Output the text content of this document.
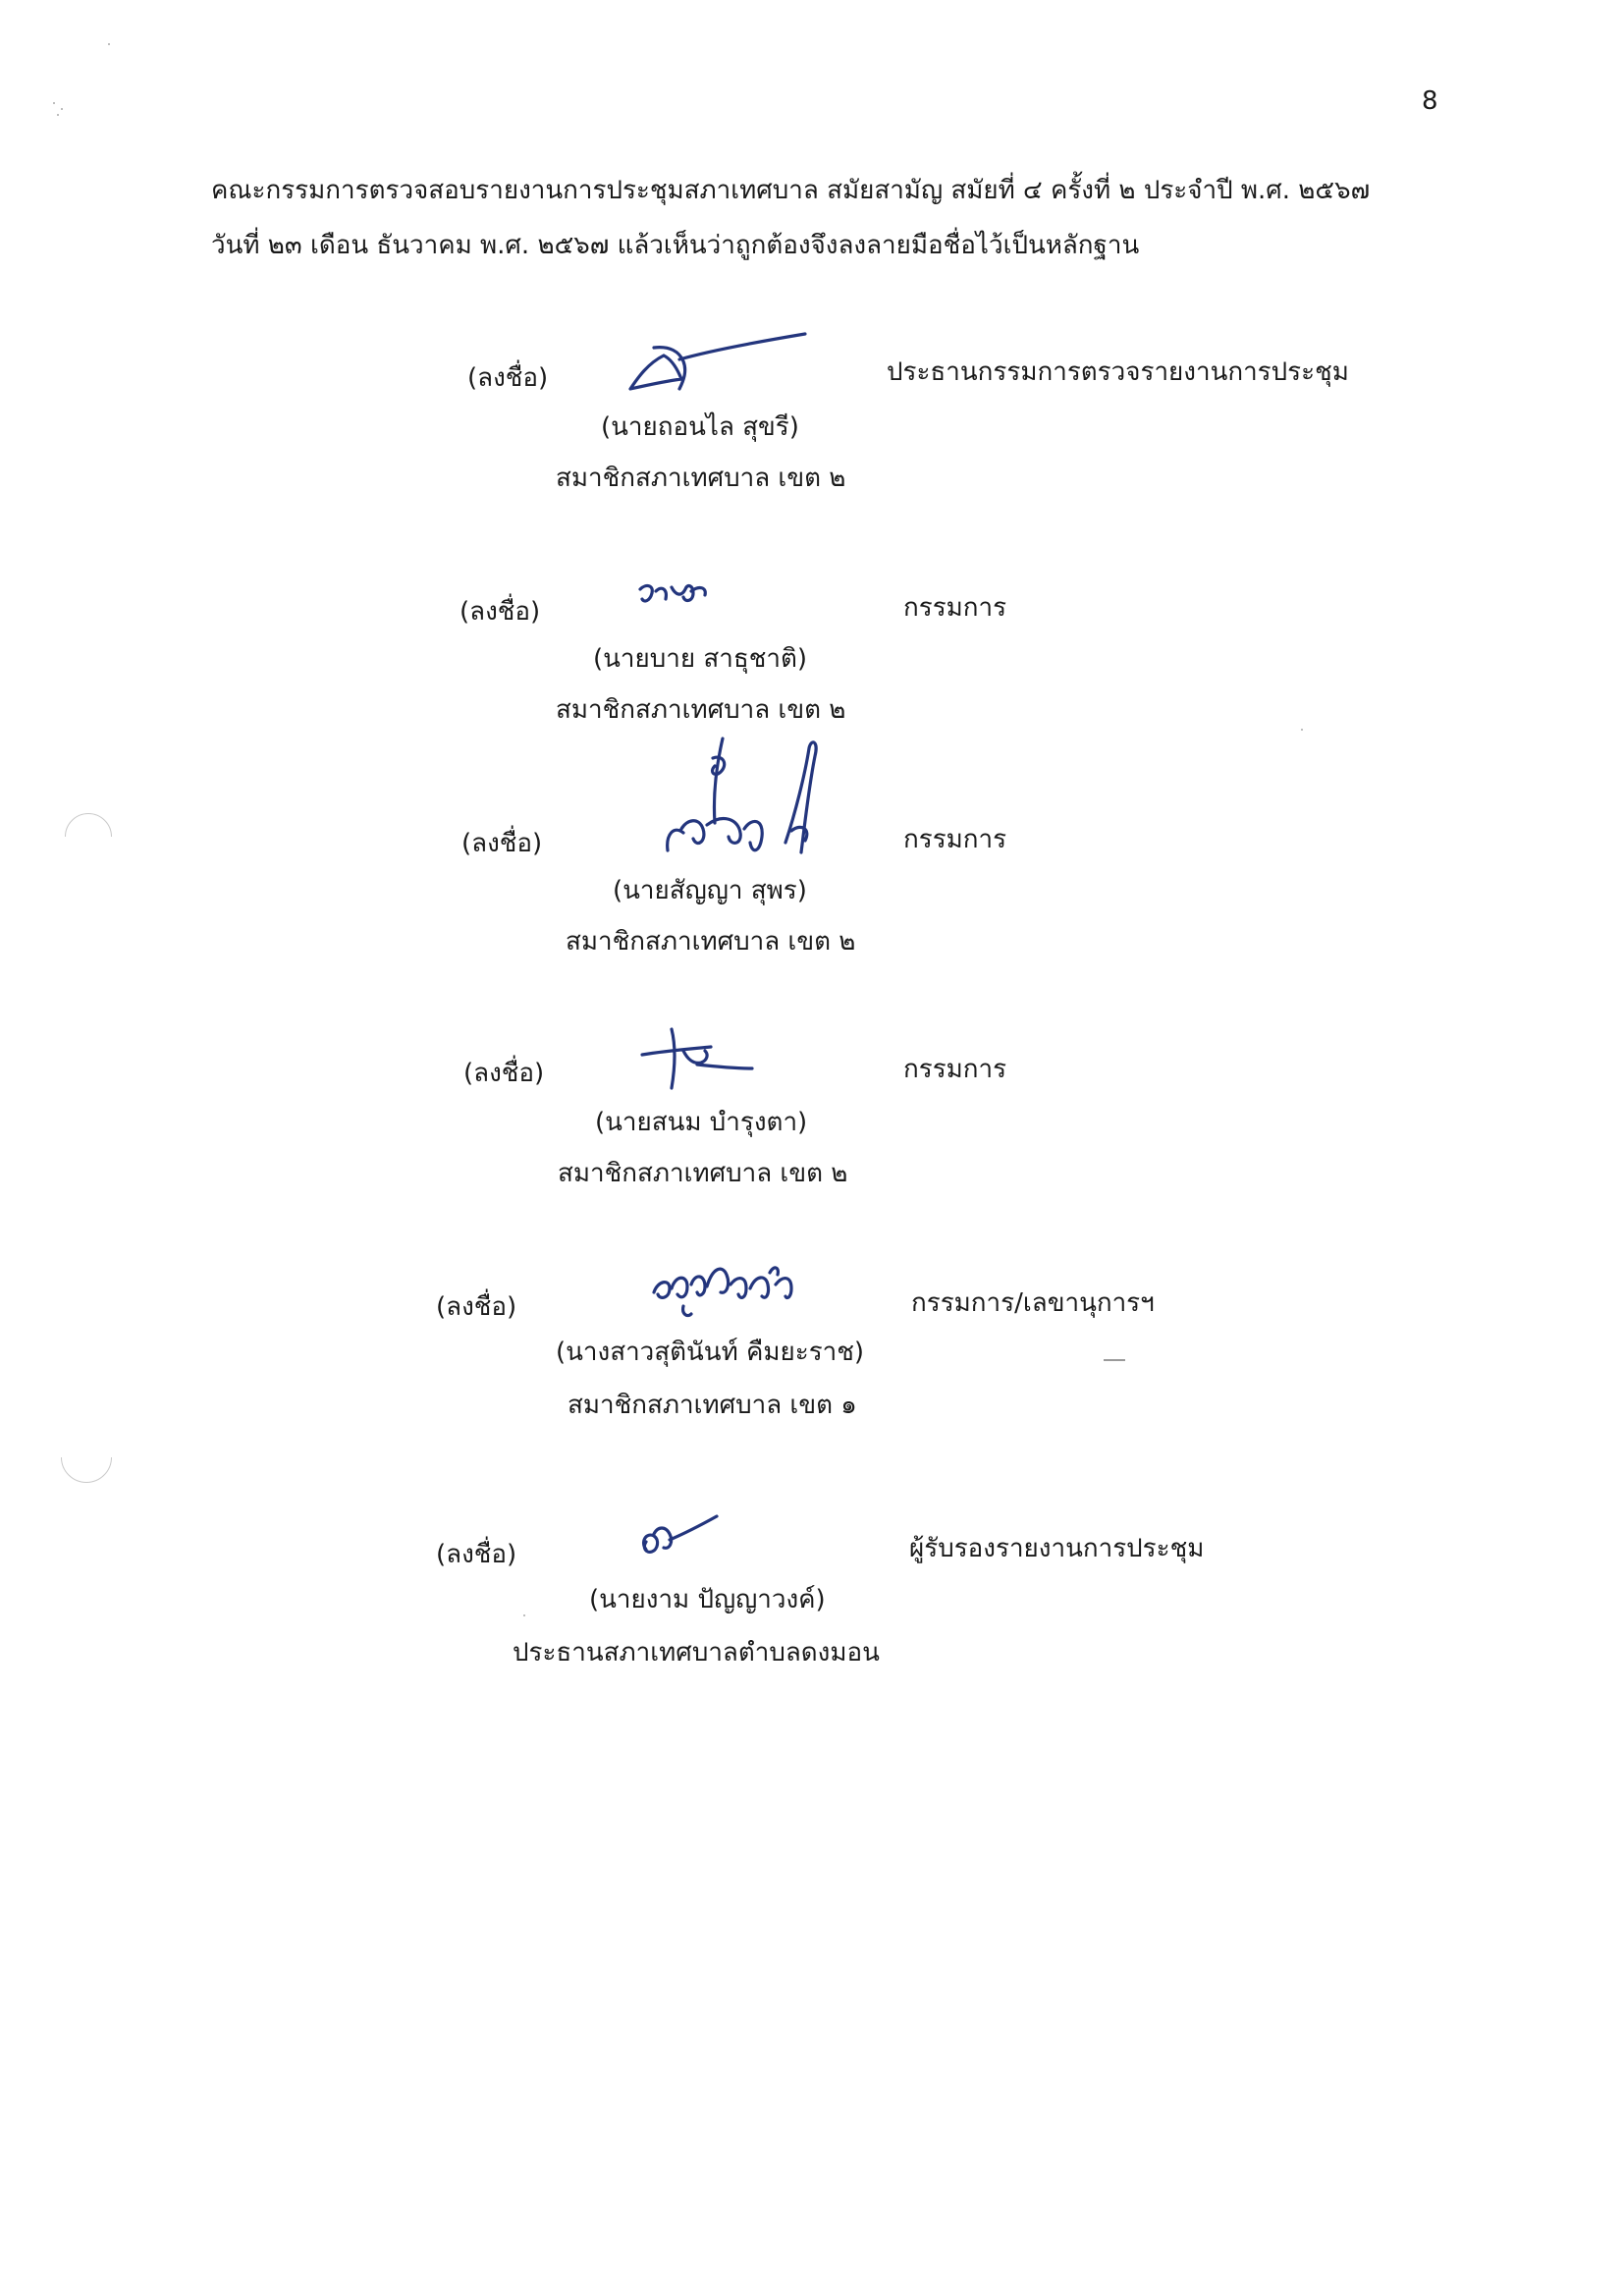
8
คณะกรรมการตรวจสอบรายงานการประชุมสภาเทศบาล สมัยสามัญ สมัยที่ ๔ ครั้งที่ ๒ ประจำปี พ.ศ. ๒๕๖๗
วันที่ ๒๓ เดือน ธันวาคม พ.ศ. ๒๕๖๗ แล้วเห็นว่าถูกต้องจึงลงลายมือชื่อไว้เป็นหลักฐาน
(ลงชื่อ)	ประธานกรรมการตรวจรายงานการประชุม
(นายถอนไล สุขรี)
สมาชิกสภาเทศบาล เขต ๒
(ลงชื่อ)	กรรมการ
(นายบาย สาธุชาติ)
สมาชิกสภาเทศบาล เขต ๒
(ลงชื่อ)	กรรมการ
(นายสัญญา สุพร)
สมาชิกสภาเทศบาล เขต ๒
(ลงชื่อ)	กรรมการ
(นายสนม บำรุงตา)
สมาชิกสภาเทศบาล เขต ๒
(ลงชื่อ)	กรรมการ/เลขานุการฯ
(นางสาวสุตินันท์ คืมยะราช)
สมาชิกสภาเทศบาล เขต ๑
(ลงชื่อ)	ผู้รับรองรายงานการประชุม
(นายงาม ปัญญาวงค์)
ประธานสภาเทศบาลตำบลดงมอน
